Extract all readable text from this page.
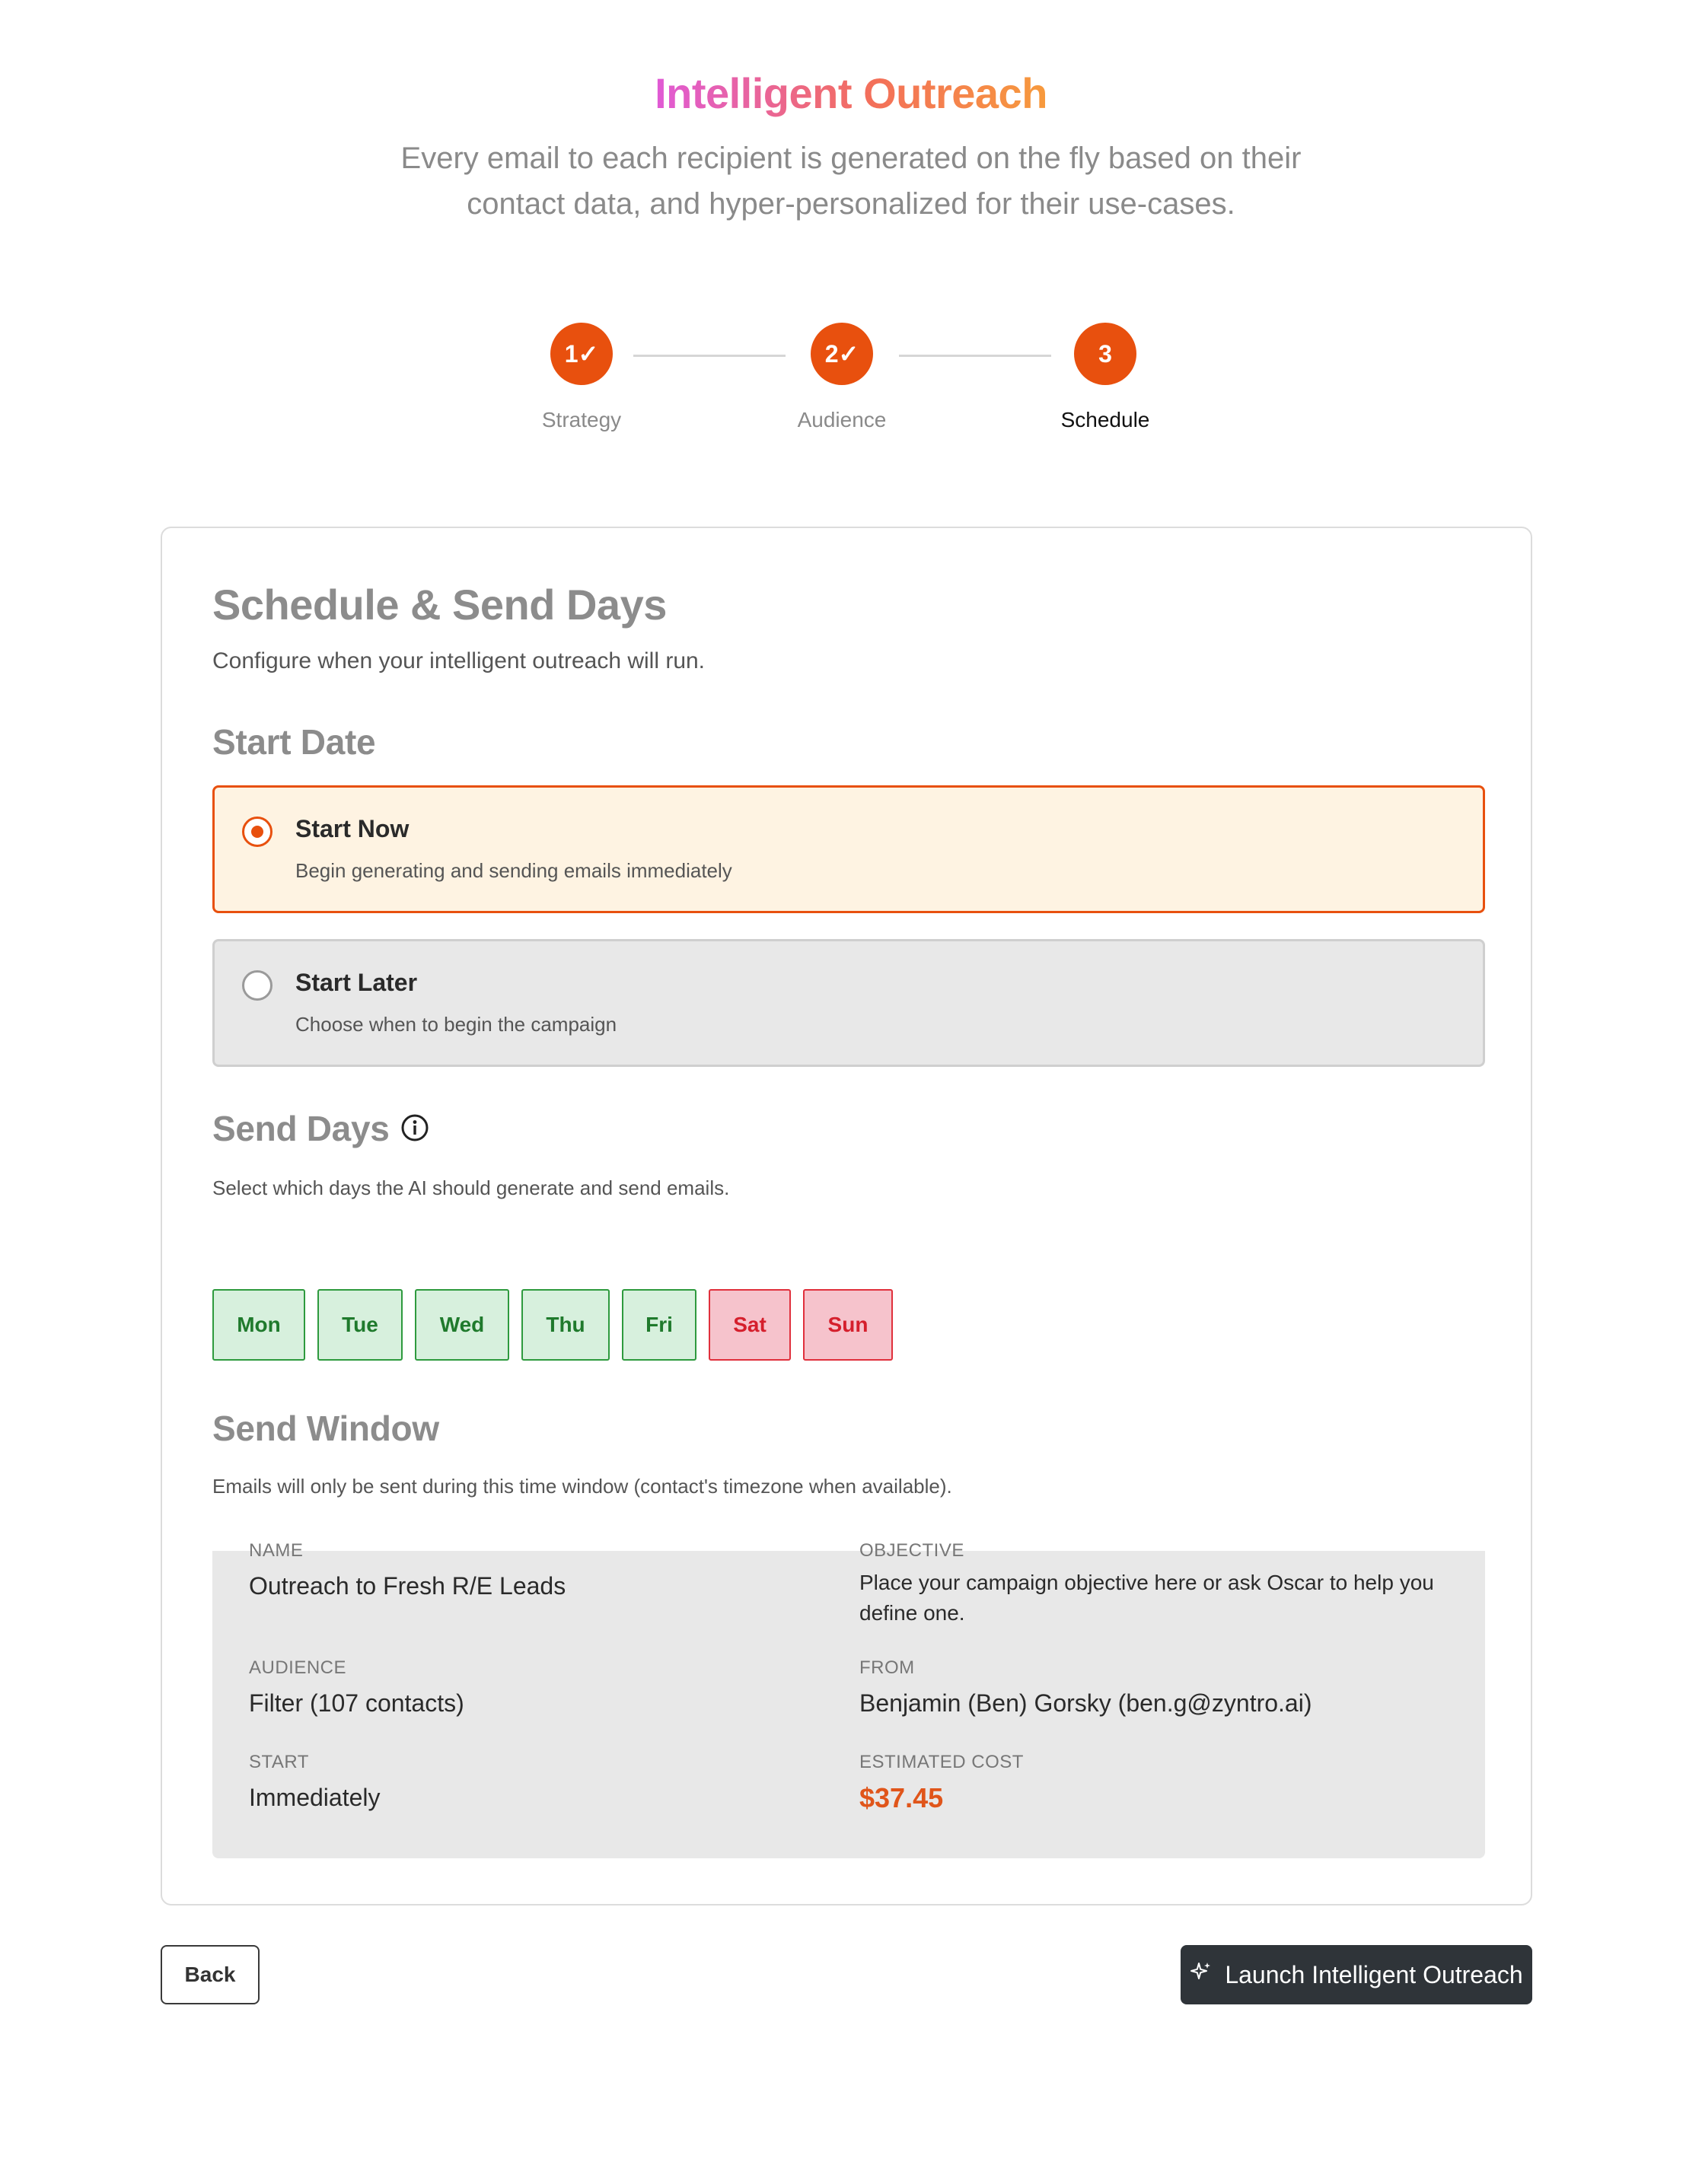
Intelligent Outreach
Every email to each recipient is generated on the fly based on their contact data, and hyper-personalized for their use-cases.
1✓
Strategy
2✓
Audience
3
Schedule
Schedule & Send Days
Configure when your intelligent outreach will run.
Start Date
Start Now
Begin generating and sending emails immediately
Start Later
Choose when to begin the campaign
Send Days
Select which days the AI should generate and send emails.
Mon	Tue	Wed	Thu	Fri	Sat	Sun
Send Window
Emails will only be sent during this time window (contact's timezone when available).
NAME
Outreach to Fresh R/E Leads
OBJECTIVE
Place your campaign objective here or ask Oscar to help you define one.
AUDIENCE
Filter (107 contacts)
FROM
Benjamin (Ben) Gorsky (ben.g@zyntro.ai)
START
Immediately
ESTIMATED COST
$37.45
Back	Launch Intelligent Outreach
